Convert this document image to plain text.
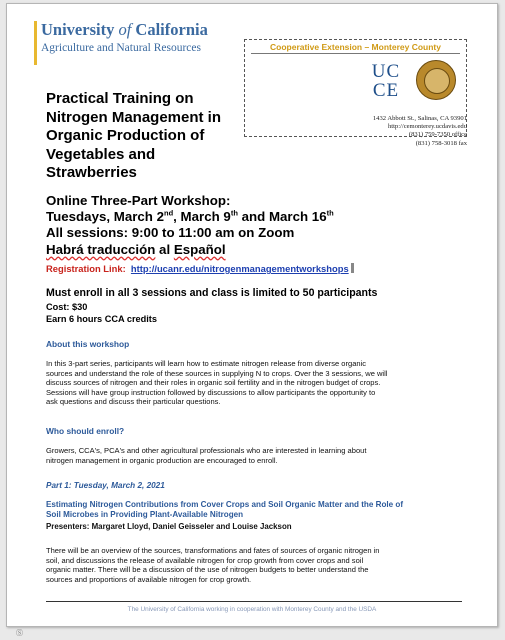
University of California
Agriculture and Natural Resources	Cooperative Extension – Monterey County
UC CE
1432 Abbott St., Salinas, CA 93901
http://cemonterey.ucdavis.edu
(831) 759-7350 office
(831) 758-3018 fax
Practical Training on
Nitrogen Management in
Organic Production of
Vegetables and
Strawberries
Online Three-Part Workshop:
Tuesdays, March 2nd, March 9th and March 16th
All sessions: 9:00 to 11:00 am on Zoom
Habrá traducción al Español
Registration Link: http://ucanr.edu/nitrogenmanagementworkshops
Must enroll in all 3 sessions and class is limited to 50 participants
Cost: $30
Earn 6 hours CCA credits
About this workshop
In this 3-part series, participants will learn how to estimate nitrogen release from diverse organic
sources and understand the role of these sources in supplying N to crops. Over the 3 sessions, we will
discuss sources of nitrogen and their roles in organic soil fertility and in the nitrogen budget of crops.
Sessions will have group instruction followed by discussions to allow participants the opportunity to
ask questions and discuss their particular questions.
Who should enroll?
Growers, CCA's, PCA's and other agricultural professionals who are interested in learning about
nitrogen management in organic production are encouraged to enroll.
Part 1: Tuesday, March 2, 2021
Estimating Nitrogen Contributions from Cover Crops and Soil Organic Matter and the Role of
Soil Microbes in Providing Plant-Available Nitrogen
Presenters: Margaret Lloyd, Daniel Geisseler and Louise Jackson
There will be an overview of the sources, transformations and fates of sources of organic nitrogen in
soil, and discussions the release of available nitrogen for crop growth from cover crops and soil
organic matter. There will be a discussion of the use of nitrogen budgets to better understand the
sources and proportions of available nitrogen for crop growth.
The University of California working in cooperation with Monterey County and the USDA
Ⓢ
